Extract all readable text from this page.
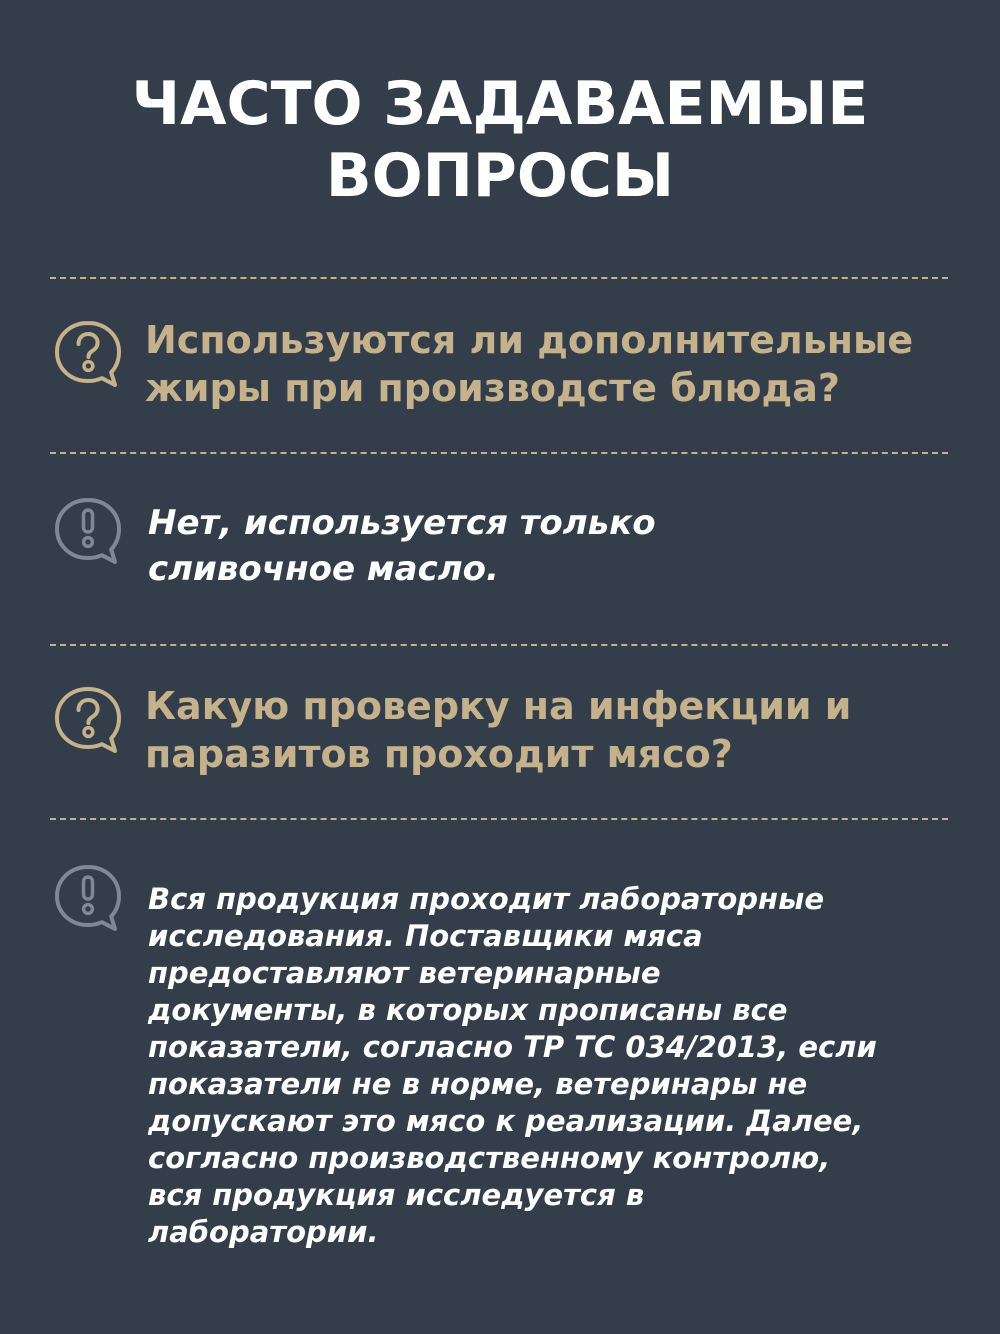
ЧАСТО ЗАДАВАЕМЫЕ
ВОПРОСЫ
Используются ли дополнительные
жиры при производсте блюда?

Нет, используется только
сливочное масло.

Какую проверку на инфекции и
паразитов проходит мясо?

Вся продукция проходит лабораторные
исследования. Поставщики мяса
предоставляют ветеринарные
документы, в которых прописаны все
показатели, согласно ТР ТС 034/2013, если
показатели не в норме, ветеринары не
допускают это мясо к реализации. Далее,
согласно производственному контролю,
вся продукция исследуется в
лаборатории.
